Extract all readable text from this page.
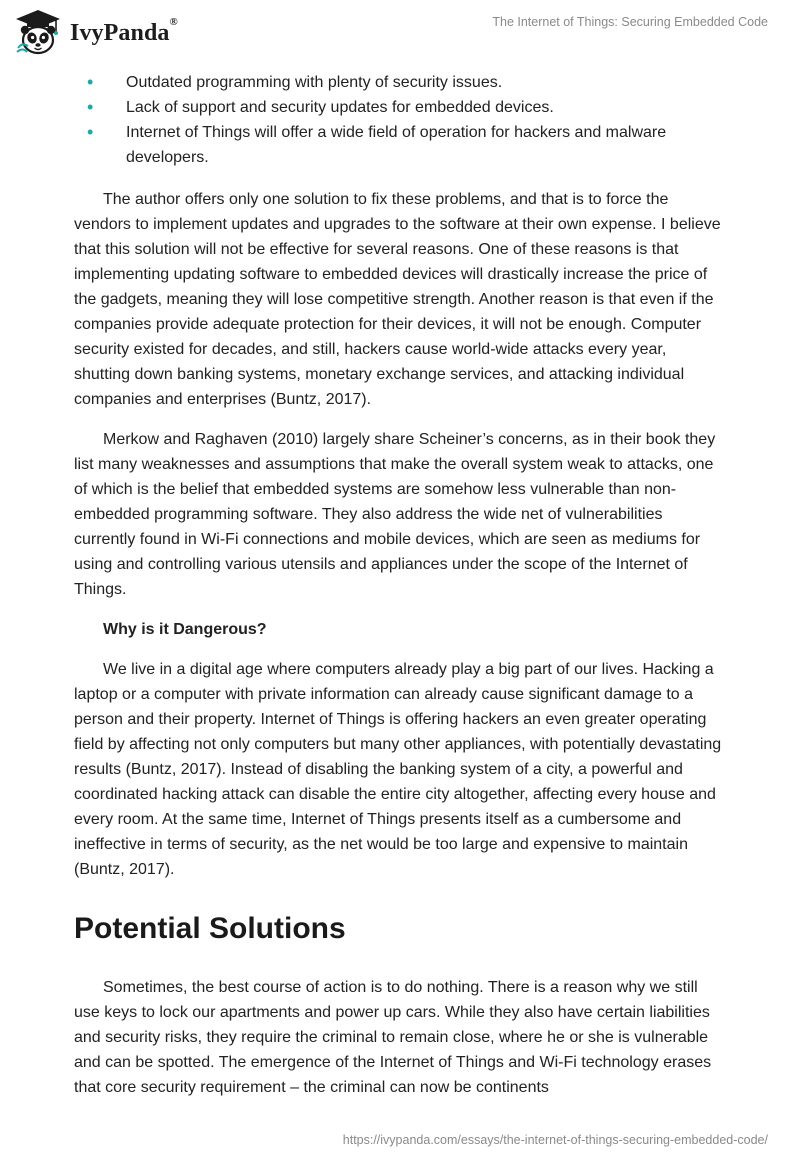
IvyPanda®	The Internet of Things: Securing Embedded Code
• Outdated programming with plenty of security issues.
• Lack of support and security updates for embedded devices.
• Internet of Things will offer a wide field of operation for hackers and malware developers.

The author offers only one solution to fix these problems, and that is to force the vendors to implement updates and upgrades to the software at their own expense. I believe that this solution will not be effective for several reasons. One of these reasons is that implementing updating software to embedded devices will drastically increase the price of the gadgets, meaning they will lose competitive strength. Another reason is that even if the companies provide adequate protection for their devices, it will not be enough. Computer security existed for decades, and still, hackers cause world-wide attacks every year, shutting down banking systems, monetary exchange services, and attacking individual companies and enterprises (Buntz, 2017).

Merkow and Raghaven (2010) largely share Scheiner’s concerns, as in their book they list many weaknesses and assumptions that make the overall system weak to attacks, one of which is the belief that embedded systems are somehow less vulnerable than non-embedded programming software. They also address the wide net of vulnerabilities currently found in Wi-Fi connections and mobile devices, which are seen as mediums for using and controlling various utensils and appliances under the scope of the Internet of Things.

Why is it Dangerous?

We live in a digital age where computers already play a big part of our lives. Hacking a laptop or a computer with private information can already cause significant damage to a person and their property. Internet of Things is offering hackers an even greater operating field by affecting not only computers but many other appliances, with potentially devastating results (Buntz, 2017). Instead of disabling the banking system of a city, a powerful and coordinated hacking attack can disable the entire city altogether, affecting every house and every room. At the same time, Internet of Things presents itself as a cumbersome and ineffective in terms of security, as the net would be too large and expensive to maintain (Buntz, 2017).

Potential Solutions

Sometimes, the best course of action is to do nothing. There is a reason why we still use keys to lock our apartments and power up cars. While they also have certain liabilities and security risks, they require the criminal to remain close, where he or she is vulnerable and can be spotted. The emergence of the Internet of Things and Wi-Fi technology erases that core security requirement – the criminal can now be continents

https://ivypanda.com/essays/the-internet-of-things-securing-embedded-code/
